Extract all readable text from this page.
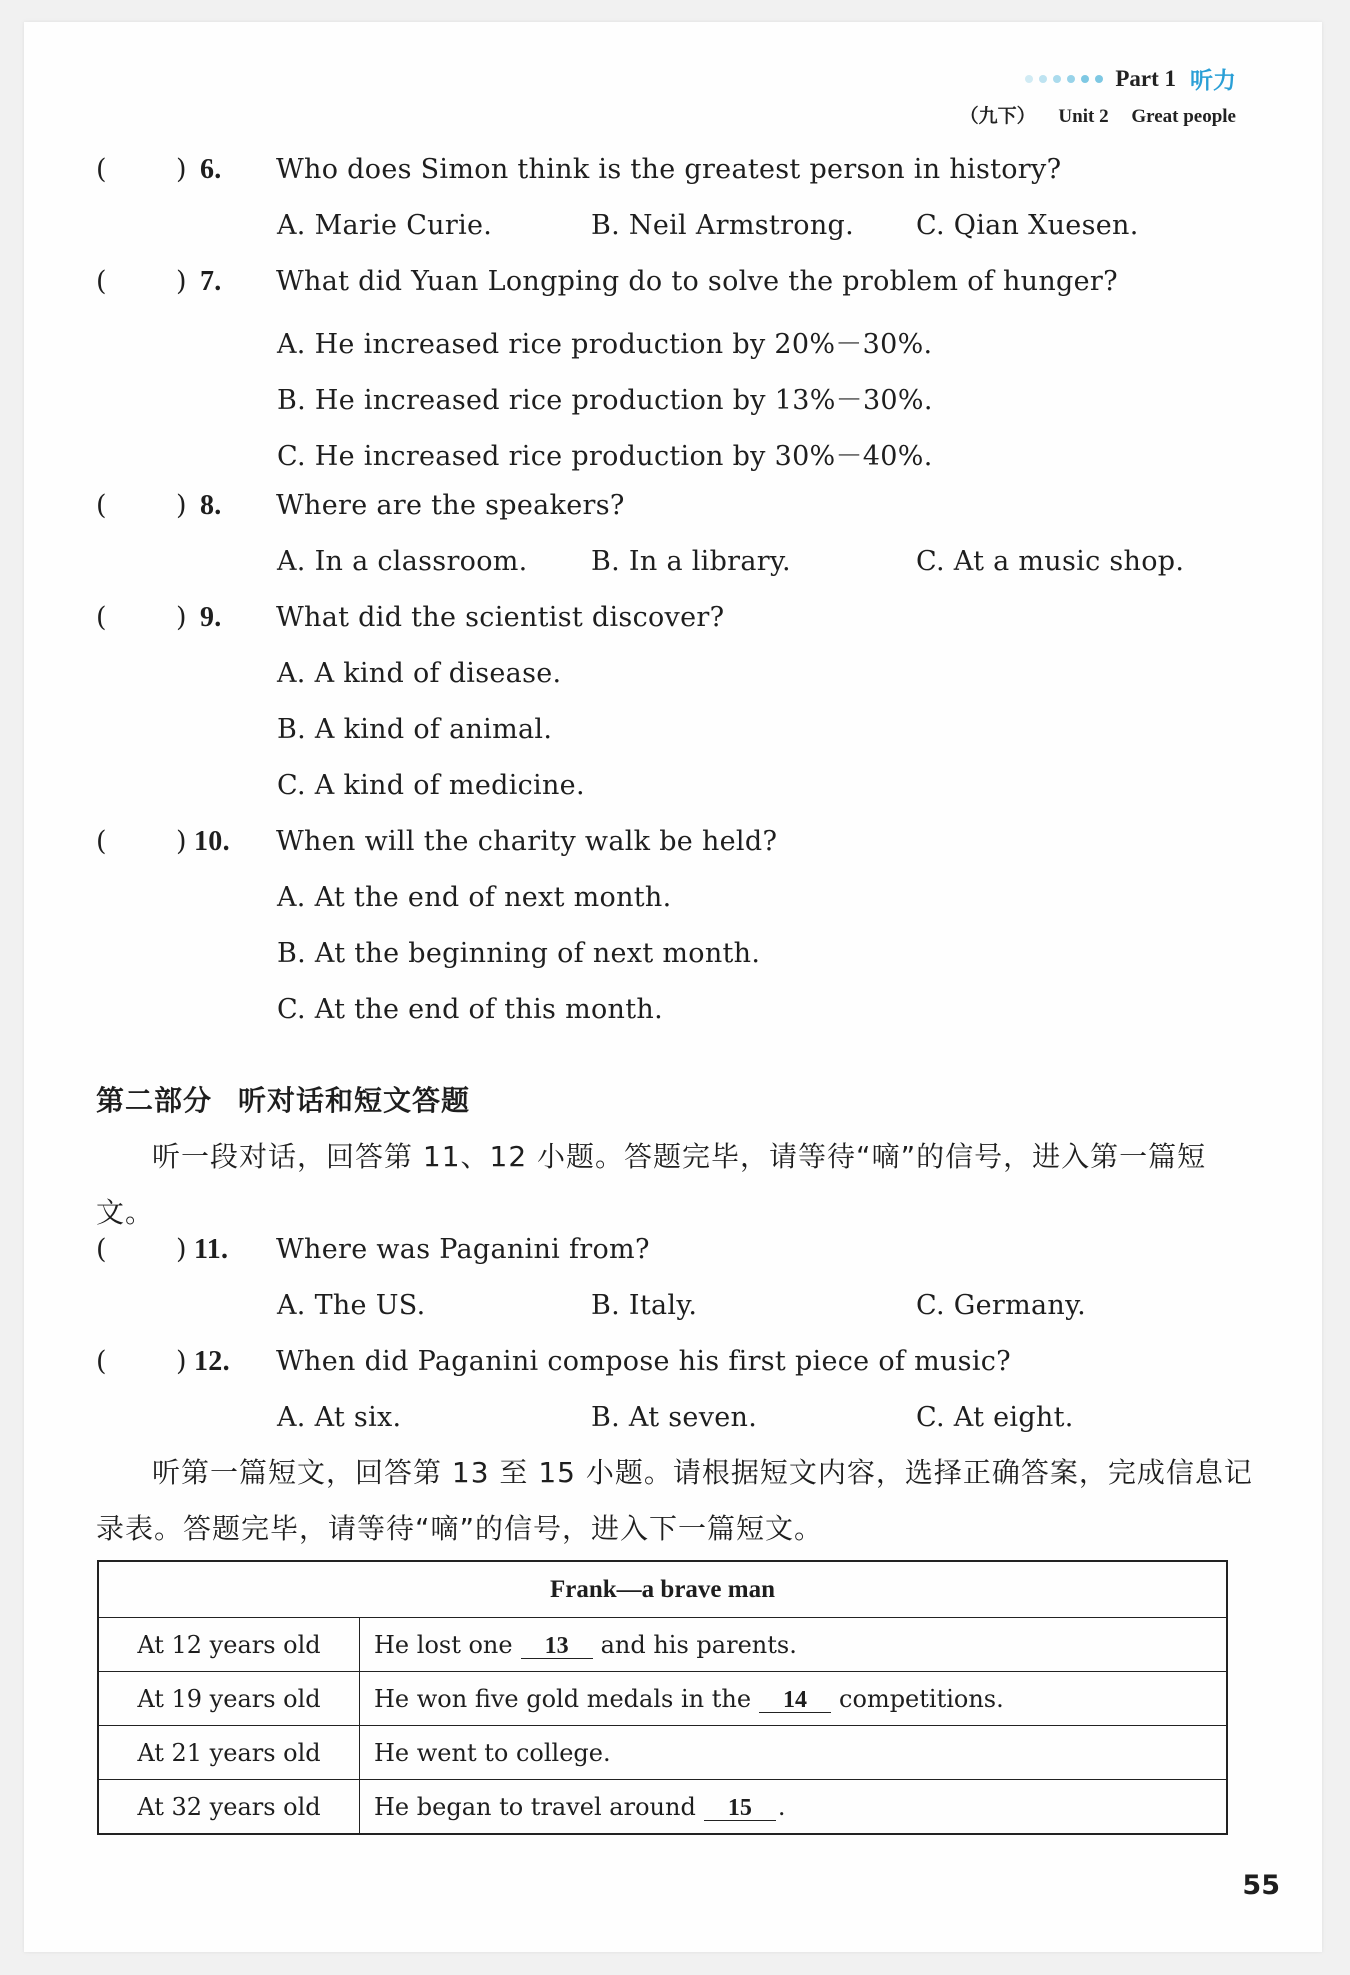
Part 1 听力
（九下） Unit 2 Great people
(	) 6. Who does Simon think is the greatest person in history?
A. Marie Curie.	B. Neil Armstrong. C. Qian Xuesen.
(	) 7. What did Yuan Longping do to solve the problem of hunger?
A. He increased rice production by 20%－30%.
B. He increased rice production by 13%－30%.
C. He increased rice production by 30%－40%.
(	) 8. Where are the speakers?
A. In a classroom. B. In a library.	C. At a music shop.
(	) 9. What did the scientist discover?
A. A kind of disease.
B. A kind of animal.
C. A kind of medicine.
(	) 10. When will the charity walk be held?
A. At the end of next month.
B. At the beginning of next month.
C. At the end of this month.
第二部分 听对话和短文答题
听一段对话，回答第 11、12 小题。答题完毕，请等待“嘀”的信号，进入第一篇短文。
(	) 11. Where was Paganini from?
A. The US.	B. Italy.	C. Germany.
(	) 12. When did Paganini compose his first piece of music?
A. At six.	B. At seven.	C. At eight.
听第一篇短文，回答第 13 至 15 小题。请根据短文内容，选择正确答案，完成信息记录表。答题完毕，请等待“嘀”的信号，进入下一篇短文。
Frank—a brave man	
At 12 years old	He lost one 13 and his parents.
At 19 years old	He won five gold medals in the 14 competitions.
At 21 years old	He went to college.
At 32 years old	He began to travel around 15 .
55
